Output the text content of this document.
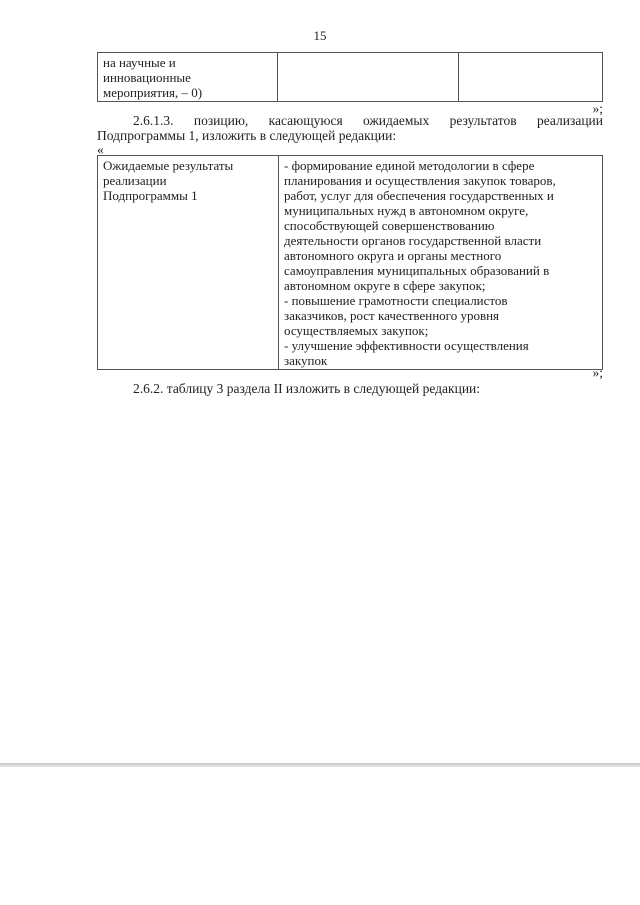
15
на научные и
инновационные
мероприятия, – 0)		

»;

2.6.1.3. позицию, касающуюся ожидаемых результатов реализации

Подпрограммы 1, изложить в следующей редакции:

«

Ожидаемые результаты
реализации
Подпрограммы 1	- формирование единой методологии в сфере
планирования и осуществления закупок товаров,
работ, услуг для обеспечения государственных и
муниципальных нужд в автономном округе,
способствующей совершенствованию
деятельности органов государственной власти
автономного округа и органы местного
самоуправления муниципальных образований в
автономном округе в сфере закупок;
- повышение грамотности специалистов
заказчиков, рост качественного уровня
осуществляемых закупок;
- улучшение эффективности осуществления
закупок

»;

2.6.2. таблицу 3 раздела II изложить в следующей редакции:
